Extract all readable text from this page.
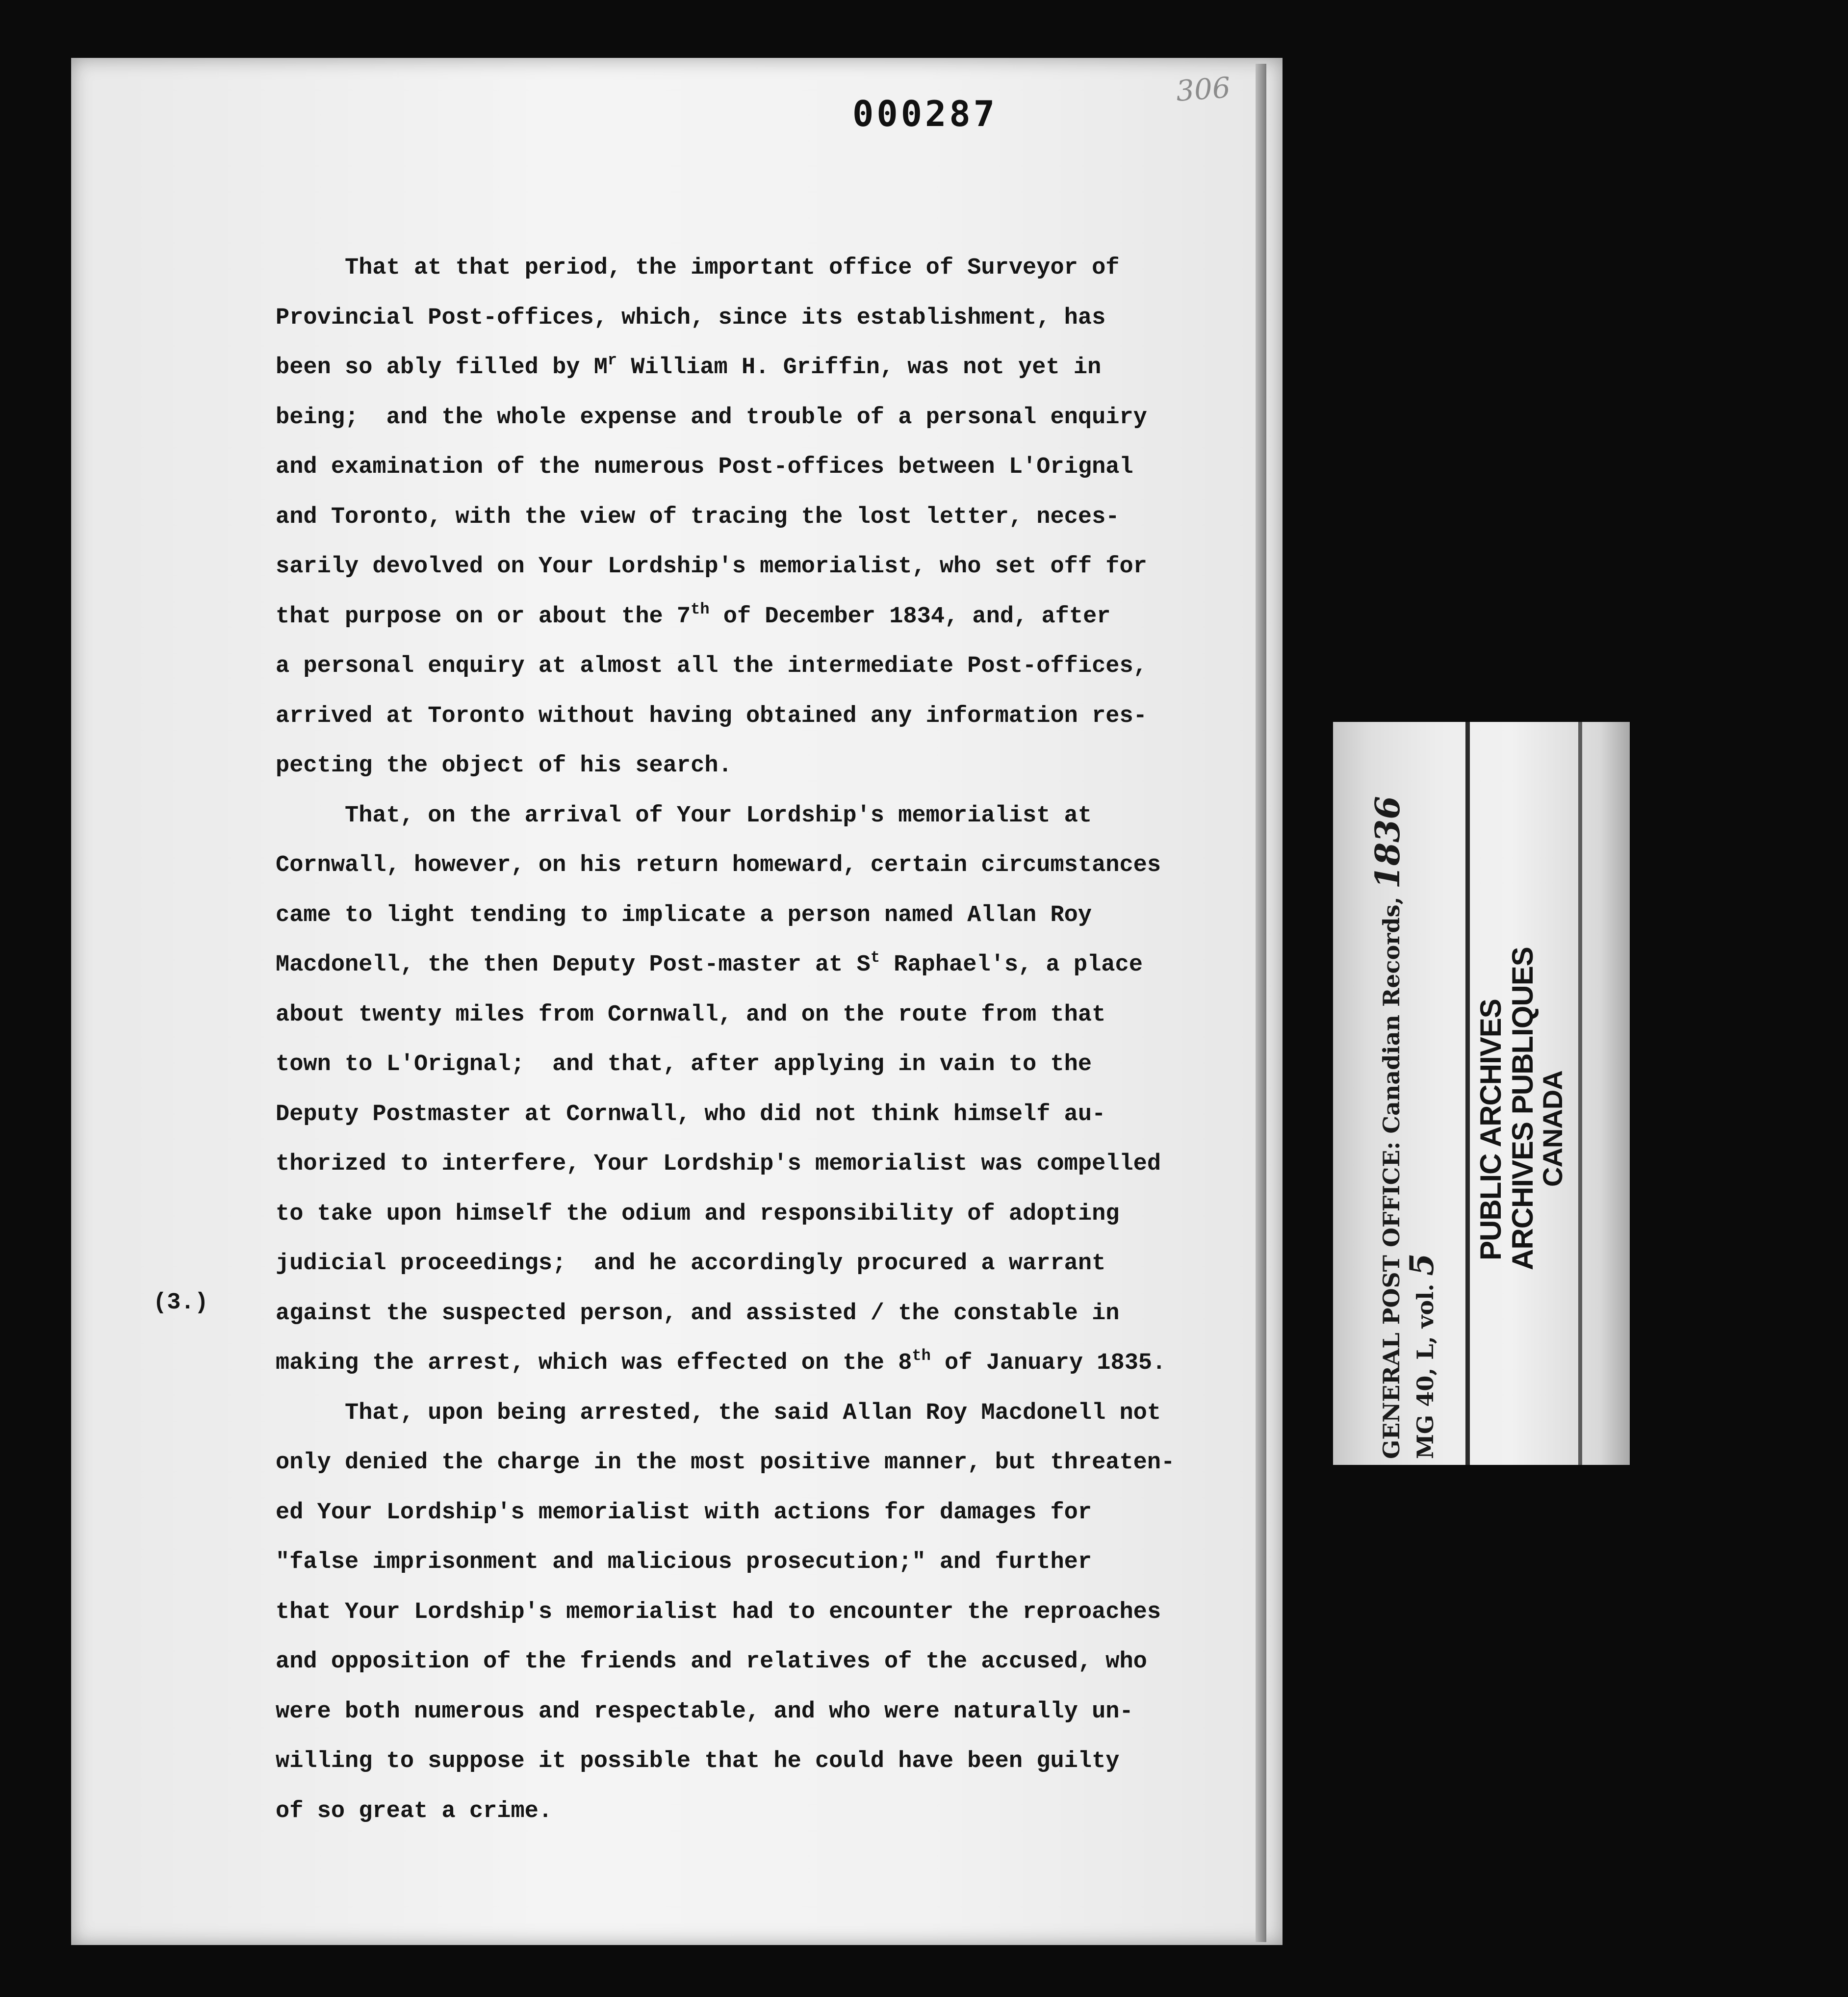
000287
306
(3.)
That at that period, the important office of Surveyor of
Provincial Post-offices, which, since its establishment, has
been so ably filled by $M^r$ William H. Griffin, was not yet in
being;  and the whole expense and trouble of a personal enquiry
and examination of the numerous Post-offices between L'Orignal
and Toronto, with the view of tracing the lost letter, neces-
sarily devolved on Your Lordship's memorialist, who set off for
that purpose on or about the 7th of December 1834, and, after
a personal enquiry at almost all the intermediate Post-offices,
arrived at Toronto without having obtained any information res-
pecting the object of his search.
That, on the arrival of Your Lordship's memorialist at
Cornwall, however, on his return homeward, certain circumstances
came to light tending to implicate a person named Allan Roy
Macdonell, the then Deputy Post-master at $S^t$ Raphael's, a place
about twenty miles from Cornwall, and on the route from that
town to L'Orignal;  and that, after applying in vain to the
Deputy Postmaster at Cornwall, who did not think himself au-
thorized to interfere, Your Lordship's memorialist was compelled
to take upon himself the odium and responsibility of adopting
judicial proceedings;  and he accordingly procured a warrant
against the suspected person, and assisted / the constable in
making the arrest, which was effected on the 8th of January 1835.
That, upon being arrested, the said Allan Roy Macdonell not
only denied the charge in the most positive manner, but threaten-
ed Your Lordship's memorialist with actions for damages for
"false imprisonment and malicious prosecution;" and further
that Your Lordship's memorialist had to encounter the reproaches
and opposition of the friends and relatives of the accused, who
were both numerous and respectable, and who were naturally un-
willing to suppose it possible that he could have been guilty
of so great a crime.
GENERAL POST OFFICE: Canadian Records, 1836
MG 40, L, vol. 5
PUBLIC ARCHIVES
ARCHIVES PUBLIQUES
CANADA
